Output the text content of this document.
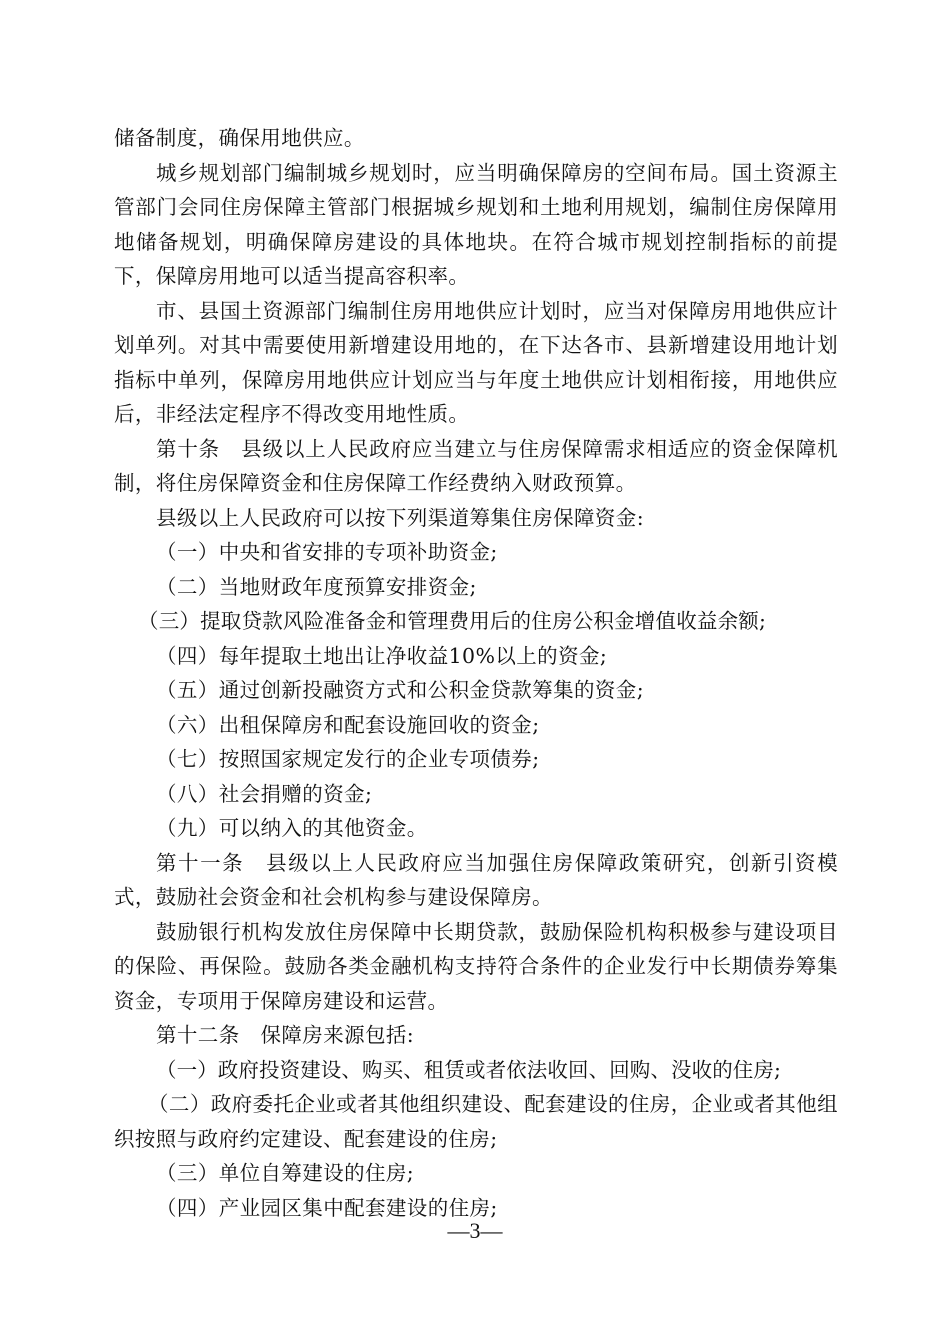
储备制度，确保用地供应。

城乡规划部门编制城乡规划时，应当明确保障房的空间布局。国土资源主管部门会同住房保障主管部门根据城乡规划和土地利用规划，编制住房保障用地储备规划，明确保障房建设的具体地块。在符合城市规划控制指标的前提下，保障房用地可以适当提高容积率。

市、县国土资源部门编制住房用地供应计划时，应当对保障房用地供应计划单列。对其中需要使用新增建设用地的，在下达各市、县新增建设用地计划指标中单列，保障房用地供应计划应当与年度土地供应计划相衔接，用地供应后，非经法定程序不得改变用地性质。

第十条　县级以上人民政府应当建立与住房保障需求相适应的资金保障机制，将住房保障资金和住房保障工作经费纳入财政预算。

县级以上人民政府可以按下列渠道筹集住房保障资金:

（一）中央和省安排的专项补助资金;

（二）当地财政年度预算安排资金;

（三）提取贷款风险准备金和管理费用后的住房公积金增值收益余额;

（四）每年提取土地出让净收益10%以上的资金;

（五）通过创新投融资方式和公积金贷款筹集的资金;

（六）出租保障房和配套设施回收的资金;

（七）按照国家规定发行的企业专项债券;

（八）社会捐赠的资金;

（九）可以纳入的其他资金。

第十一条　县级以上人民政府应当加强住房保障政策研究，创新引资模式，鼓励社会资金和社会机构参与建设保障房。

鼓励银行机构发放住房保障中长期贷款，鼓励保险机构积极参与建设项目的保险、再保险。鼓励各类金融机构支持符合条件的企业发行中长期债券筹集资金，专项用于保障房建设和运营。

第十二条　保障房来源包括:

（一）政府投资建设、购买、租赁或者依法收回、回购、没收的住房;

（二）政府委托企业或者其他组织建设、配套建设的住房，企业或者其他组织按照与政府约定建设、配套建设的住房;

（三）单位自筹建设的住房;

（四）产业园区集中配套建设的住房;

—3—
